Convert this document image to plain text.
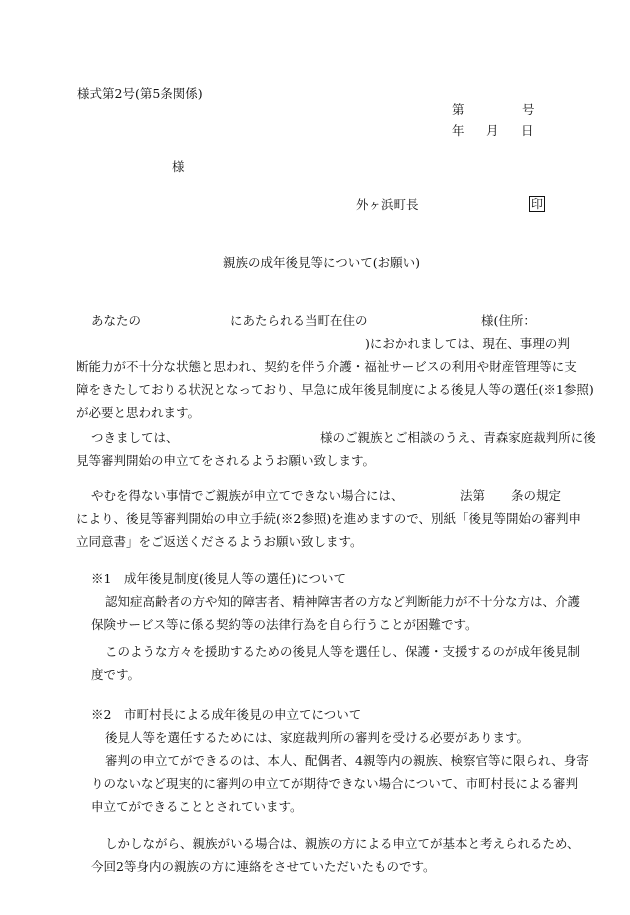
様式第2号(第5条関係)
第	号
年 月 日
様
外ヶ浜町長	印
親族の成年後見等について(お願い)
あなたの	にあたられる当町在住の	様(住所：
)におかれましては、現在、事理の判
断能力が不十分な状態と思われ、契約を伴う介護・福祉サービスの利用や財産管理等に支
障をきたしておりる状況となっており、早急に成年後見制度による後見人等の選任(※1参照)
が必要と思われます。
つきましては、	様のご親族とご相談のうえ、青森家庭裁判所に後
見等審判開始の申立てをされるようお願い致します。
やむを得ない事情でご親族が申立てできない場合には、	法第 条の規定
により、後見等審判開始の申立手続(※2参照)を進めますので、別紙「後見等開始の審判申
立同意書」をご返送くださるようお願い致します。
※1　成年後見制度(後見人等の選任)について
認知症高齢者の方や知的障害者、精神障害者の方など判断能力が不十分な方は、介護
保険サービス等に係る契約等の法律行為を自ら行うことが困難です。
このような方々を援助するための後見人等を選任し、保護・支援するのが成年後見制
度です。
※2　市町村長による成年後見の申立てについて
後見人等を選任するためには、家庭裁判所の審判を受ける必要があります。
審判の申立てができるのは、本人、配偶者、4親等内の親族、検察官等に限られ、身寄
りのないなど現実的に審判の申立てが期待できない場合について、市町村長による審判
申立てができることとされています。
しかしながら、親族がいる場合は、親族の方による申立てが基本と考えられるため、
今回2等身内の親族の方に連絡をさせていただいたものです。
